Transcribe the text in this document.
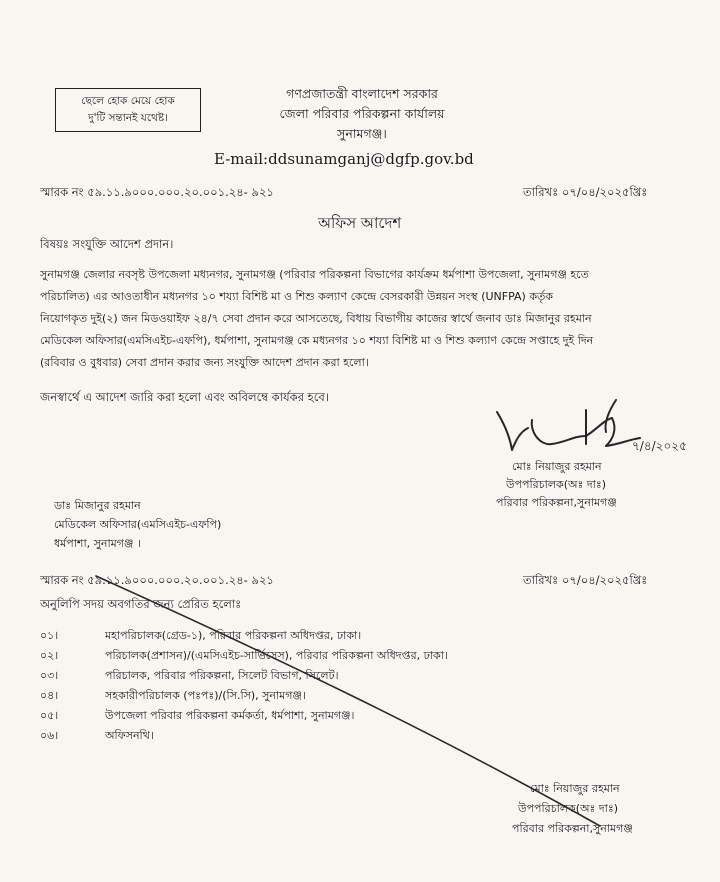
ছেলে হোক মেয়ে হোক
দু'টি সন্তানই যথেষ্ট।
গণপ্রজাতন্ত্রী বাংলাদেশ সরকার
জেলা পরিবার পরিকল্পনা কার্যালয়
সুনামগঞ্জ।
E-mail:ddsunamganj@dgfp.gov.bd
স্মারক নং ৫৯.১১.৯০০০.০০০.২০.০০১.২৪- ৯২১	তারিখঃ ০৭/০৪/২০২৫খ্রিঃ
অফিস আদেশ
বিষয়ঃ সংযুক্তি আদেশ প্রদান।
সুনামগঞ্জ জেলার নবসৃষ্ট উপজেলা মধ্যনগর, সুনামগঞ্জ (পরিবার পরিকল্পনা বিভাগের কার্যক্রম ধর্মপাশা উপজেলা, সুনামগঞ্জ হতে
পরিচালিত) এর আওতাধীন মধ্যনগর ১০ শয্যা বিশিষ্ট মা ও শিশু কল্যাণ কেন্দ্রে বেসরকারী উন্নয়ন সংস্থ (UNFPA) কর্তৃক
নিয়োগকৃত দুই(২) জন মিডওয়াইফ ২৪/৭ সেবা প্রদান করে আসতেছে, বিধায় বিভাগীয় কাজের স্বার্থে জনাব ডাঃ মিজানুর রহমান
মেডিকেল অফিসার(এমসিএইচ-এফপি), ধর্মপাশা, সুনামগঞ্জ কে মধ্যনগর ১০ শয্যা বিশিষ্ট মা ও শিশু কল্যাণ কেন্দ্রে সপ্তাহে দুই দিন
(রবিবার ও বুধবার) সেবা প্রদান করার জন্য সংযুক্তি আদেশ প্রদান করা হলো।
জনস্বার্থে এ আদেশ জারি করা হলো এবং অবিলম্বে কার্যকর হবে।
৭/৪/২০২৫
মোঃ নিয়াজুর রহমান
উপপরিচালক(অঃ দাঃ)
পরিবার পরিকল্পনা,সুনামগঞ্জ
ডাঃ মিজানুর রহমান
মেডিকেল অফিসার(এমসিএইচ-এফপি)
ধর্মপাশা, সুনামগঞ্জ ।
স্মারক নং ৫৯.১১.৯০০০.০০০.২০.০০১.২৪- ৯২১	তারিখঃ ০৭/০৪/২০২৫খ্রিঃ
অনুলিপি সদয় অবগতির জন্য প্রেরিত হলোঃ
০১।	মহাপরিচালক(গ্রেড-১), পরিবার পরিকল্পনা অধিদপ্তর, ঢাকা।
০২।	পরিচালক(প্রশাসন)/(এমসিএইচ-সার্ভিসেস), পরিবার পরিকল্পনা অধিদপ্তর, ঢাকা।
০৩।	পরিচালক, পরিবার পরিকল্পনা, সিলেট বিভাগ, সিলেট।
০৪।	সহকারীপরিচালক (পঃপঃ)/(সি.সি), সুনামগঞ্জ।
০৫।	উপজেলা পরিবার পরিকল্পনা কর্মকর্তা, ধর্মপাশা, সুনামগঞ্জ।
০৬।	অফিসনথি।
মোঃ নিয়াজুর রহমান
উপপরিচালক(অঃ দাঃ)
পরিবার পরিকল্পনা,সুনামগঞ্জ
